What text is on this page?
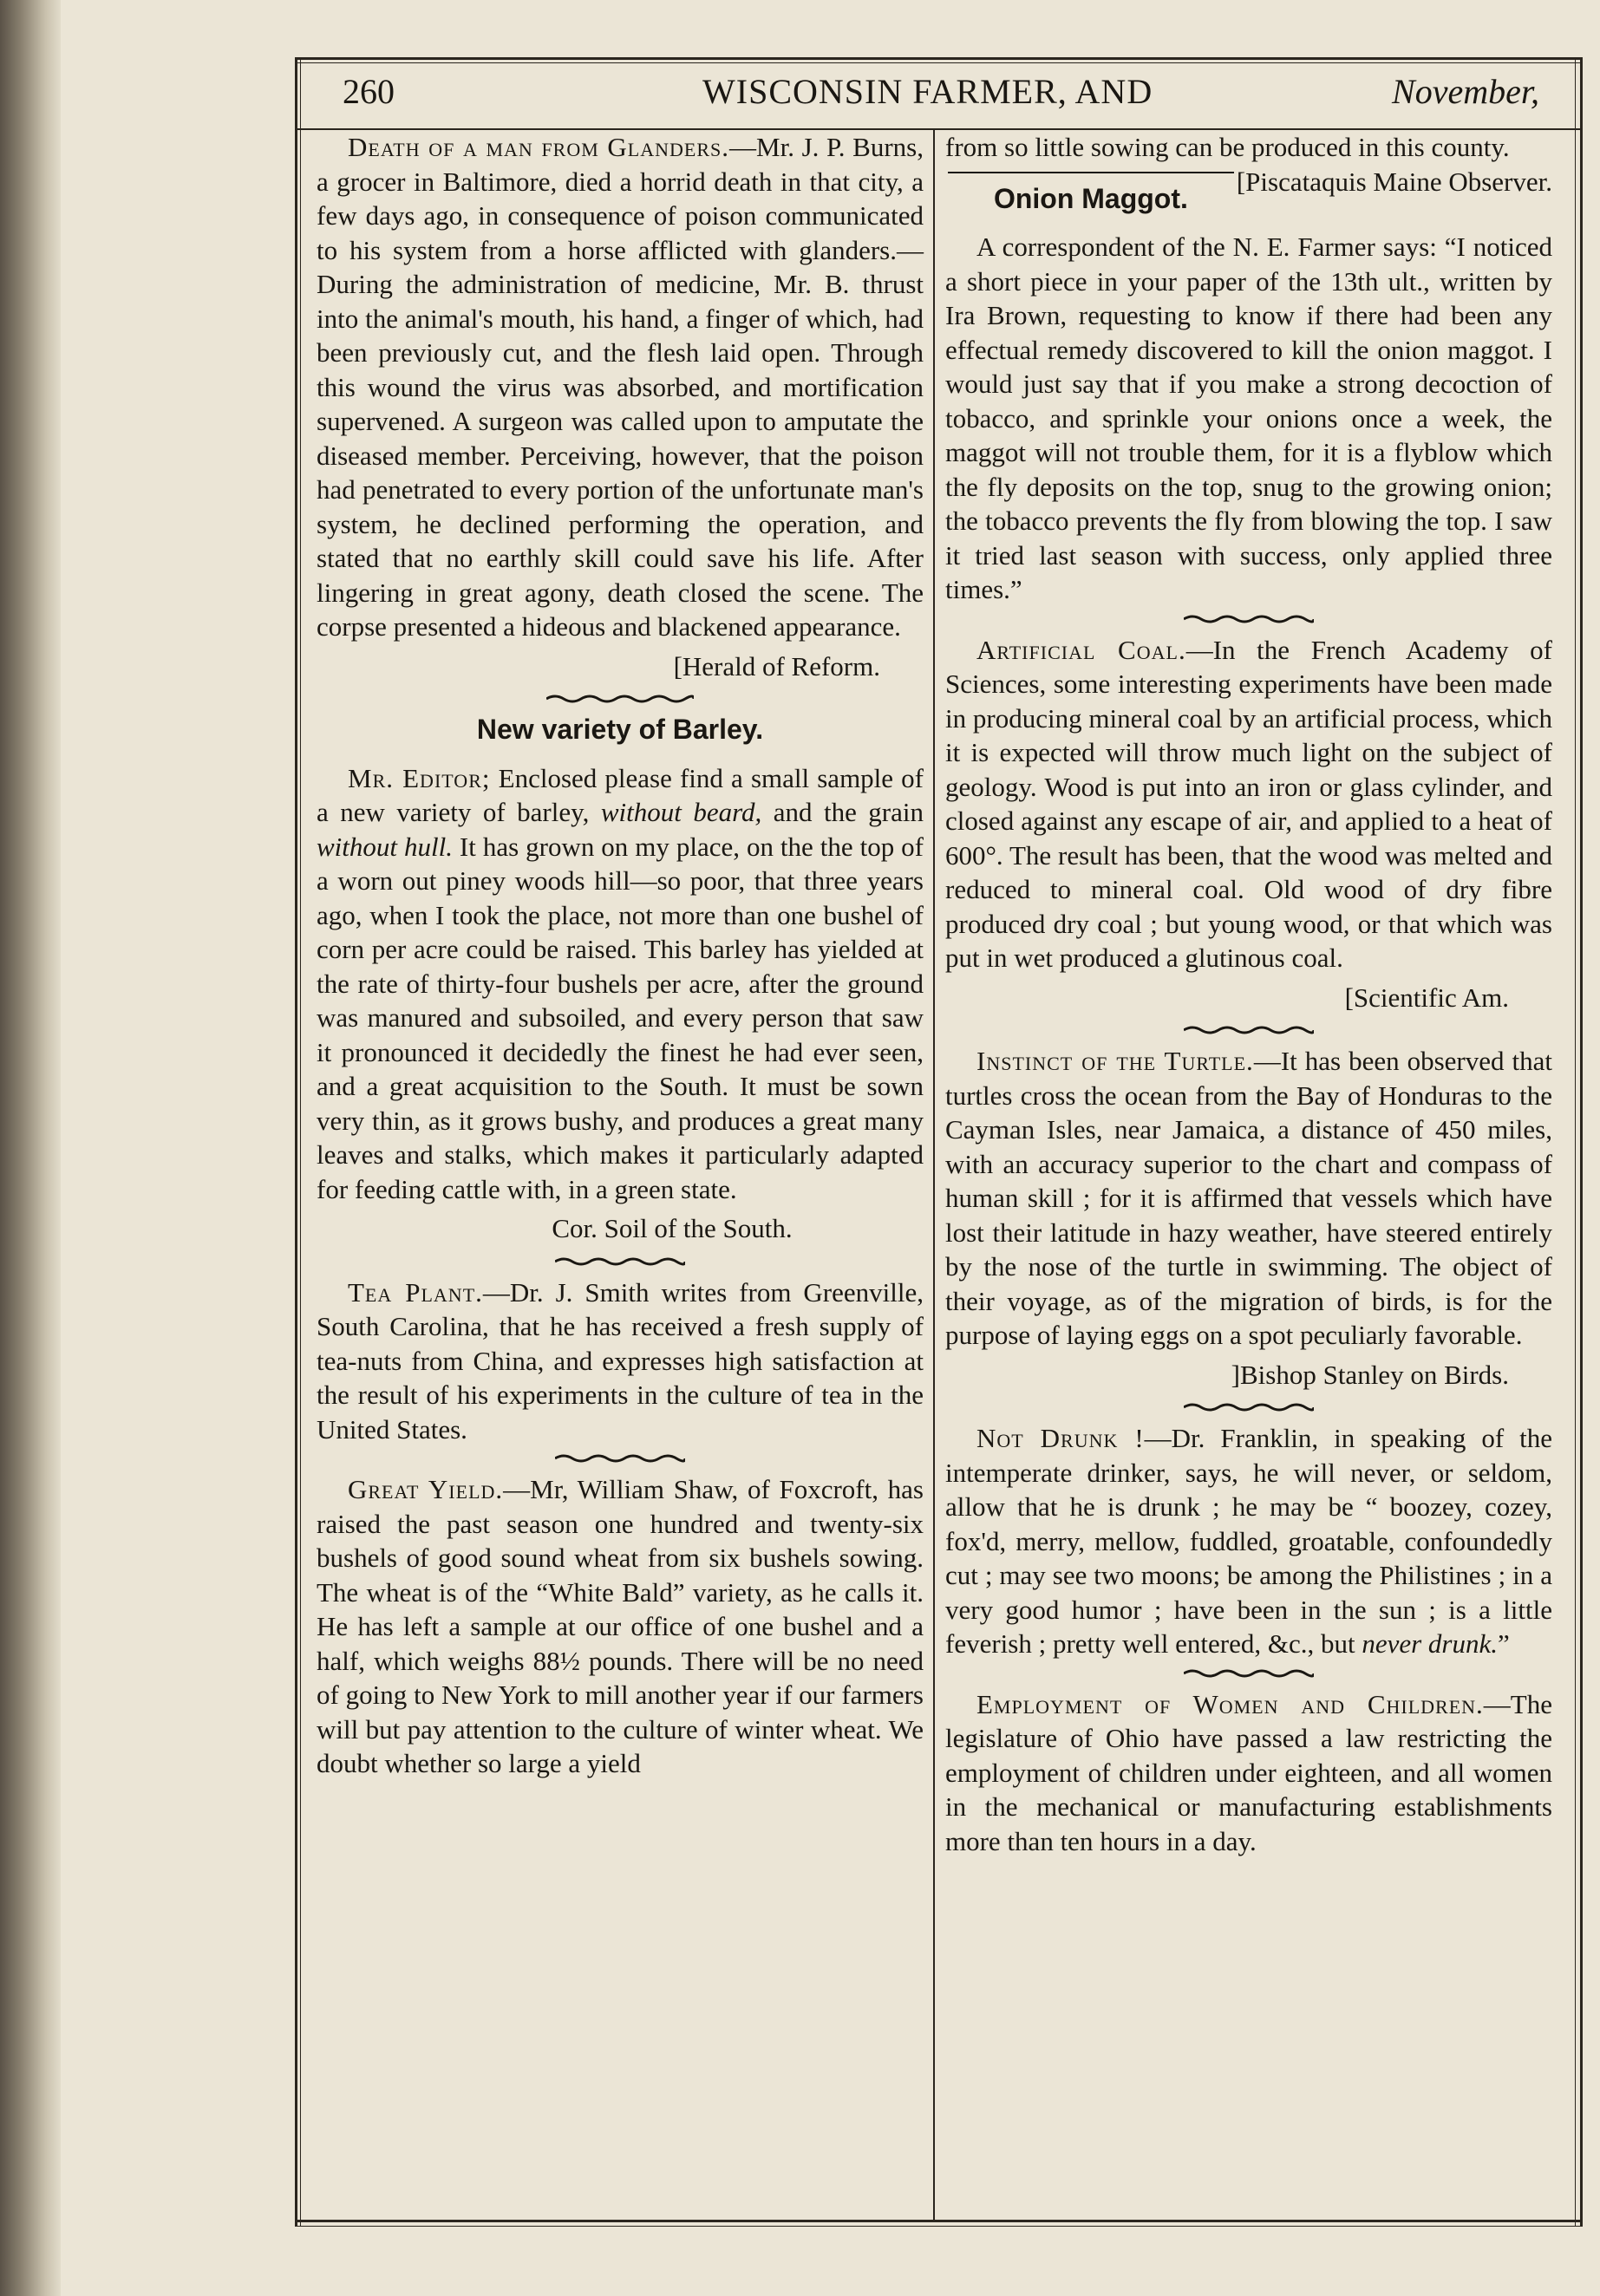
260	WISCONSIN FARMER, AND	November,

Death of a man from Glanders.—Mr. J. P. Burns, a grocer in Baltimore, died a horrid death in that city, a few days ago, in consequence of poison communicated to his system from a horse afflicted with glanders.—During the administration of medicine, Mr. B. thrust into the animal's mouth, his hand, a finger of which, had been previously cut, and the flesh laid open. Through this wound the virus was absorbed, and mortification supervened. A surgeon was called upon to amputate the diseased member. Perceiving, however, that the poison had penetrated to every portion of the unfortunate man's system, he declined performing the operation, and stated that no earthly skill could save his life. After lingering in great agony, death closed the scene. The corpse presented a hideous and blackened appearance.

[Herald of Reform.

New variety of Barley.

Mr. Editor; Enclosed please find a small sample of a new variety of barley, without beard, and the grain without hull. It has grown on my place, on the the top of a worn out piney woods hill—so poor, that three years ago, when I took the place, not more than one bushel of corn per acre could be raised. This barley has yielded at the rate of thirty-four bushels per acre, after the ground was manured and subsoiled, and every person that saw it pronounced it decidedly the finest he had ever seen, and a great acquisition to the South. It must be sown very thin, as it grows bushy, and produces a great many leaves and stalks, which makes it particularly adapted for feeding cattle with, in a green state.

Cor. Soil of the South.

Tea Plant.—Dr. J. Smith writes from Greenville, South Carolina, that he has received a fresh supply of tea-nuts from China, and expresses high satisfaction at the result of his experiments in the culture of tea in the United States.

Great Yield.—Mr, William Shaw, of Foxcroft, has raised the past season one hundred and twenty-six bushels of good sound wheat from six bushels sowing. The wheat is of the “White Bald” variety, as he calls it. He has left a sample at our office of one bushel and a half, which weighs 88½ pounds. There will be no need of going to New York to mill another year if our farmers will but pay attention to the culture of winter wheat. We doubt whether so large a yield

from so little sowing can be produced in this county.
[Piscataquis Maine Observer.

Onion Maggot.

A correspondent of the N. E. Farmer says: “I noticed a short piece in your paper of the 13th ult., written by Ira Brown, requesting to know if there had been any effectual remedy discovered to kill the onion maggot. I would just say that if you make a strong decoction of tobacco, and sprinkle your onions once a week, the maggot will not trouble them, for it is a flyblow which the fly deposits on the top, snug to the growing onion; the tobacco prevents the fly from blowing the top. I saw it tried last season with success, only applied three times.”

Artificial Coal.—In the French Academy of Sciences, some interesting experiments have been made in producing mineral coal by an artificial process, which it is expected will throw much light on the subject of geology. Wood is put into an iron or glass cylinder, and closed against any escape of air, and applied to a heat of 600°. The result has been, that the wood was melted and reduced to mineral coal. Old wood of dry fibre produced dry coal ; but young wood, or that which was put in wet produced a glutinous coal.

[Scientific Am.

Instinct of the Turtle.—It has been observed that turtles cross the ocean from the Bay of Honduras to the Cayman Isles, near Jamaica, a distance of 450 miles, with an accuracy superior to the chart and compass of human skill ; for it is affirmed that vessels which have lost their latitude in hazy weather, have steered entirely by the nose of the turtle in swimming. The object of their voyage, as of the migration of birds, is for the purpose of laying eggs on a spot peculiarly favorable.

]Bishop Stanley on Birds.

Not Drunk !—Dr. Franklin, in speaking of the intemperate drinker, says, he will never, or seldom, allow that he is drunk ; he may be “ boozey, cozey, fox'd, merry, mellow, fuddled, groatable, confoundedly cut ; may see two moons; be among the Philistines ; in a very good humor ; have been in the sun ; is a little feverish ; pretty well entered, &c., but never drunk.”

Employment of Women and Children.—The legislature of Ohio have passed a law restricting the employment of children under eighteen, and all women in the mechanical or manufacturing establishments more than ten hours in a day.
